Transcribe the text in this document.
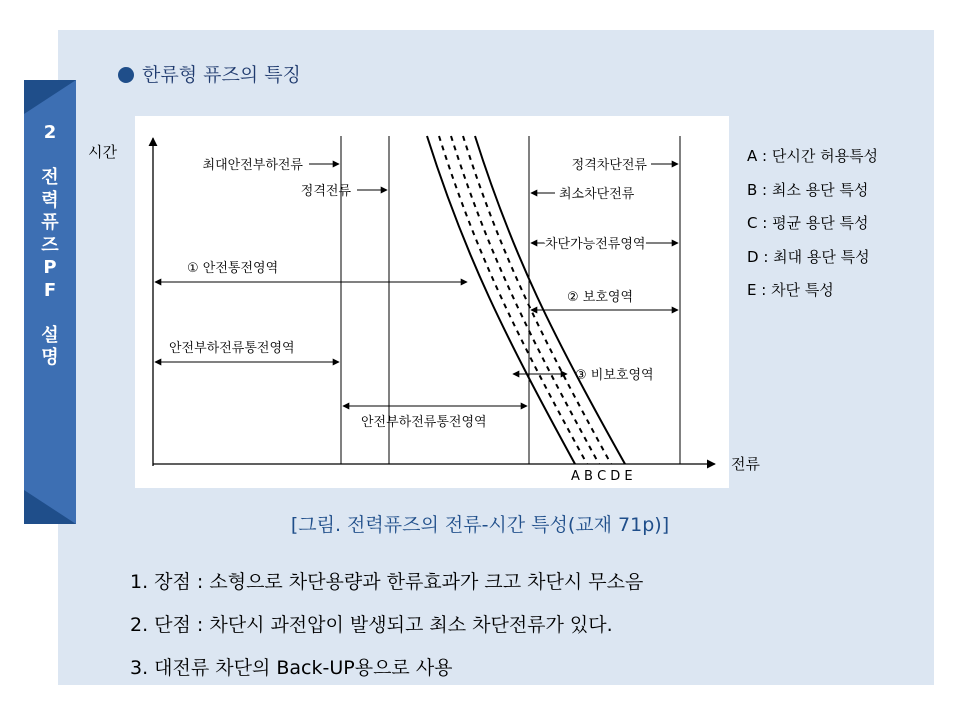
2

전
력
퓨
즈
P
F

설
명
한류형 퓨즈의 특징
시간
전류
최대안전부하전류
정격전류
정격차단전류
최소차단전류
차단가능전류영역
① 안전통전영역
② 보호영역
안전부하전류통전영역
③ 비보호영역
안전부하전류통전영역
A B C D E
A : 단시간 허용특성
B : 최소 용단 특성
C : 평균 용단 특성
D : 최대 용단 특성
E : 차단 특성
[그림. 전력퓨즈의 전류-시간 특성(교재 71p)]
1. 장점 : 소형으로 차단용량과 한류효과가 크고 차단시 무소음
2. 단점 : 차단시 과전압이 발생되고 최소 차단전류가 있다.
3. 대전류 차단의 Back-UP용으로 사용
